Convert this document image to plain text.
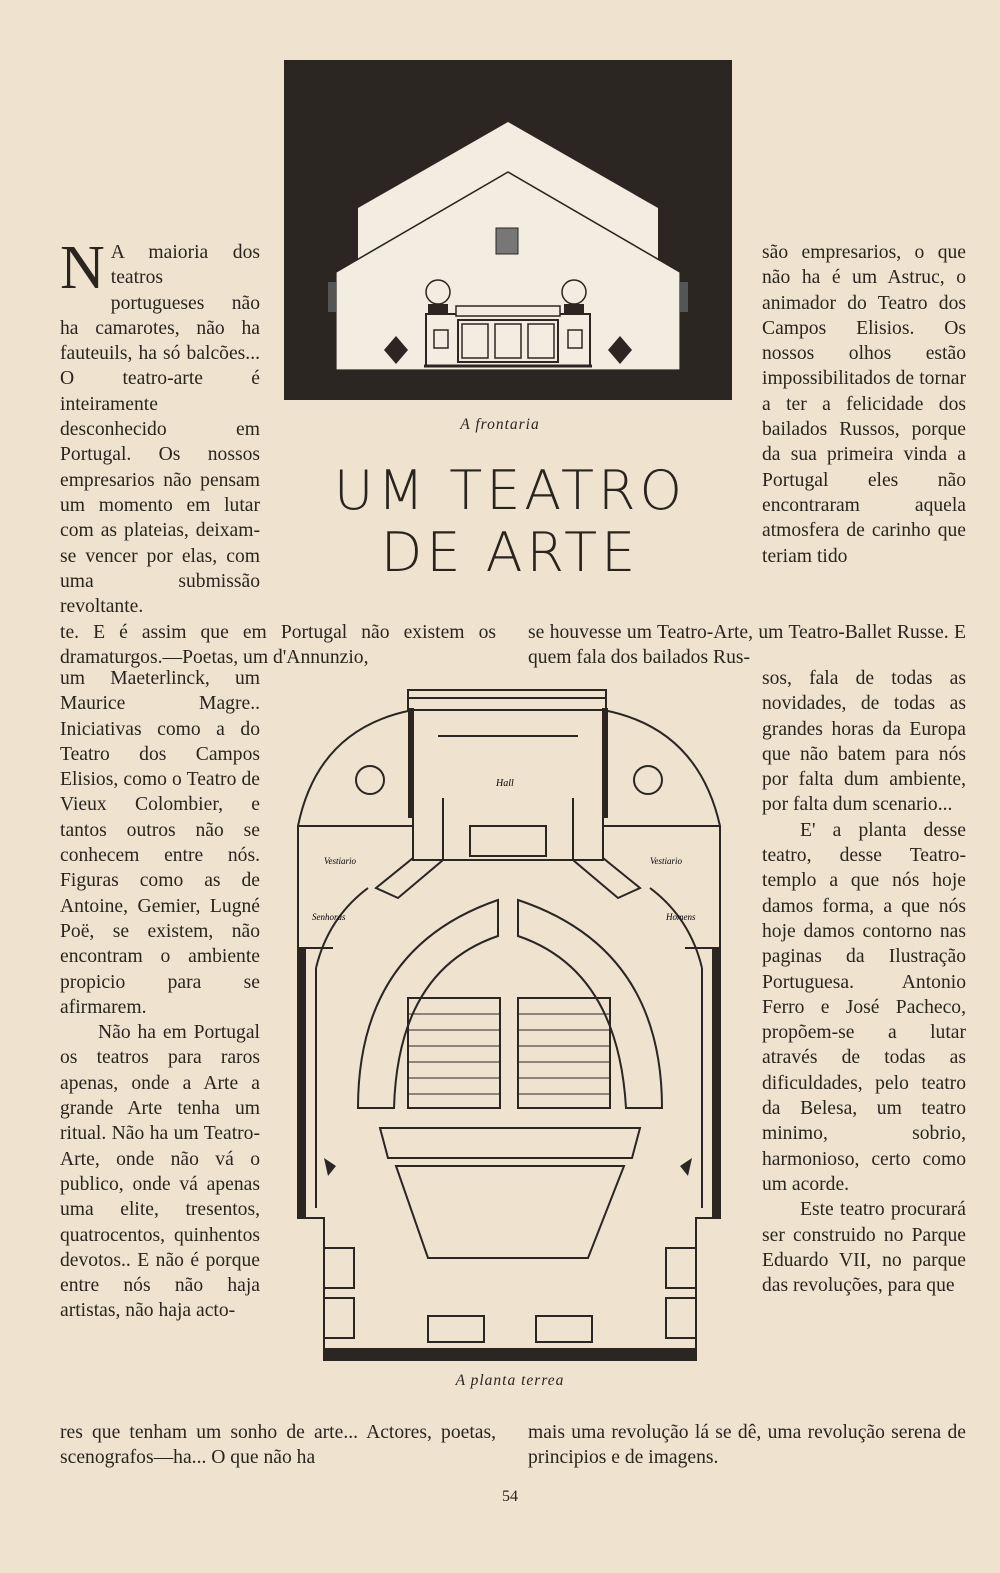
A frontaria
UM TEATRO
DE ARTE
N A maioria dos teatros portugueses não ha camarotes, não ha fauteuils, ha só balcões... O teatro-arte é inteiramente desconhecido em Portugal. Os nossos empresarios não pensam um momento em lutar com as plateias, deixam-se vencer por elas, com uma submissão revoltante.

são empresarios, o que não ha é um Astruc, o animador do Teatro dos Campos Elisios. Os nossos olhos estão impossibilitados de tornar a ter a felicidade dos bailados Russos, porque da sua primeira vinda a Portugal eles não encontraram aquela atmosfera de carinho que teriam tido

te. E é assim que em Portugal não existem os dramaturgos.—Poetas, um d'Annunzio,
se houvesse um Teatro-Arte, um Teatro-Ballet Russe. E quem fala dos bailados Rus-
Hall
Vestiario	Vestiario
Senhoras	Homens
A planta terrea

um Maeterlinck, um Maurice Magre.. Iniciativas como a do Teatro dos Campos Elisios, como o Teatro de Vieux Colombier, e tantos outros não se conhecem entre nós. Figuras como as de Antoine, Gemier, Lugné Poë, se existem, não encontram o ambiente propicio para se afirmarem.

Não ha em Portugal os teatros para raros apenas, onde a Arte a grande Arte tenha um ritual. Não ha um Teatro-Arte, onde não vá o publico, onde vá apenas uma elite, tresentos, quatrocentos, quinhentos devotos.. E não é porque entre nós não haja artistas, não haja acto-

sos, fala de todas as novidades, de todas as grandes horas da Europa que não batem para nós por falta dum ambiente, por falta dum scenario...

E' a planta desse teatro, desse Teatro-templo a que nós hoje damos forma, a que nós hoje damos contorno nas paginas da Ilustração Portuguesa. Antonio Ferro e José Pacheco, propõem-se a lutar através de todas as dificuldades, pelo teatro da Belesa, um teatro minimo, sobrio, harmonioso, certo como um acorde.

Este teatro procurará ser construido no Parque Eduardo VII, no parque das revoluções, para que

res que tenham um sonho de arte... Actores, poetas, scenografos—ha... O que não ha
mais uma revolução lá se dê, uma revolução serena de principios e de imagens.
54
